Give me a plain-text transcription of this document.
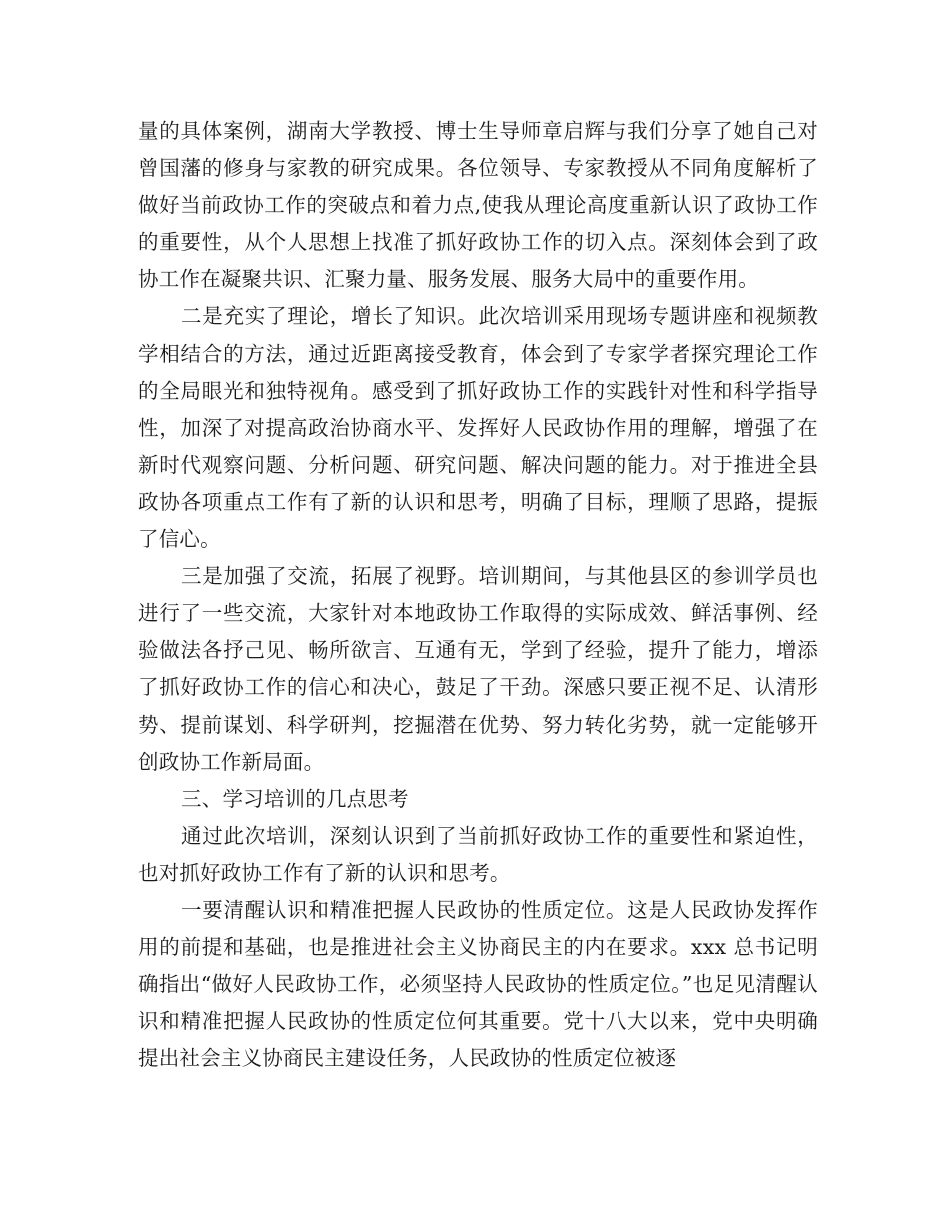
量的具体案例，湖南大学教授、博士生导师章启辉与我们分享了她自己对曾国藩的修身与家教的研究成果。各位领导、专家教授从不同角度解析了做好当前政协工作的突破点和着力点,使我从理论高度重新认识了政协工作的重要性，从个人思想上找准了抓好政协工作的切入点。深刻体会到了政协工作在凝聚共识、汇聚力量、服务发展、服务大局中的重要作用。

二是充实了理论，增长了知识。此次培训采用现场专题讲座和视频教学相结合的方法，通过近距离接受教育，体会到了专家学者探究理论工作的全局眼光和独特视角。感受到了抓好政协工作的实践针对性和科学指导性，加深了对提高政治协商水平、发挥好人民政协作用的理解，增强了在新时代观察问题、分析问题、研究问题、解决问题的能力。对于推进全县政协各项重点工作有了新的认识和思考，明确了目标，理顺了思路，提振了信心。

三是加强了交流，拓展了视野。培训期间，与其他县区的参训学员也进行了一些交流，大家针对本地政协工作取得的实际成效、鲜活事例、经验做法各抒己见、畅所欲言、互通有无，学到了经验，提升了能力，增添了抓好政协工作的信心和决心，鼓足了干劲。深感只要正视不足、认清形势、提前谋划、科学研判，挖掘潜在优势、努力转化劣势，就一定能够开创政协工作新局面。

三、学习培训的几点思考

通过此次培训，深刻认识到了当前抓好政协工作的重要性和紧迫性，也对抓好政协工作有了新的认识和思考。

一要清醒认识和精准把握人民政协的性质定位。这是人民政协发挥作用的前提和基础，也是推进社会主义协商民主的内在要求。xxx 总书记明确指出“做好人民政协工作，必须坚持人民政协的性质定位。”也足见清醒认识和精准把握人民政协的性质定位何其重要。党十八大以来，党中央明确提出社会主义协商民主建设任务，人民政协的性质定位被逐
